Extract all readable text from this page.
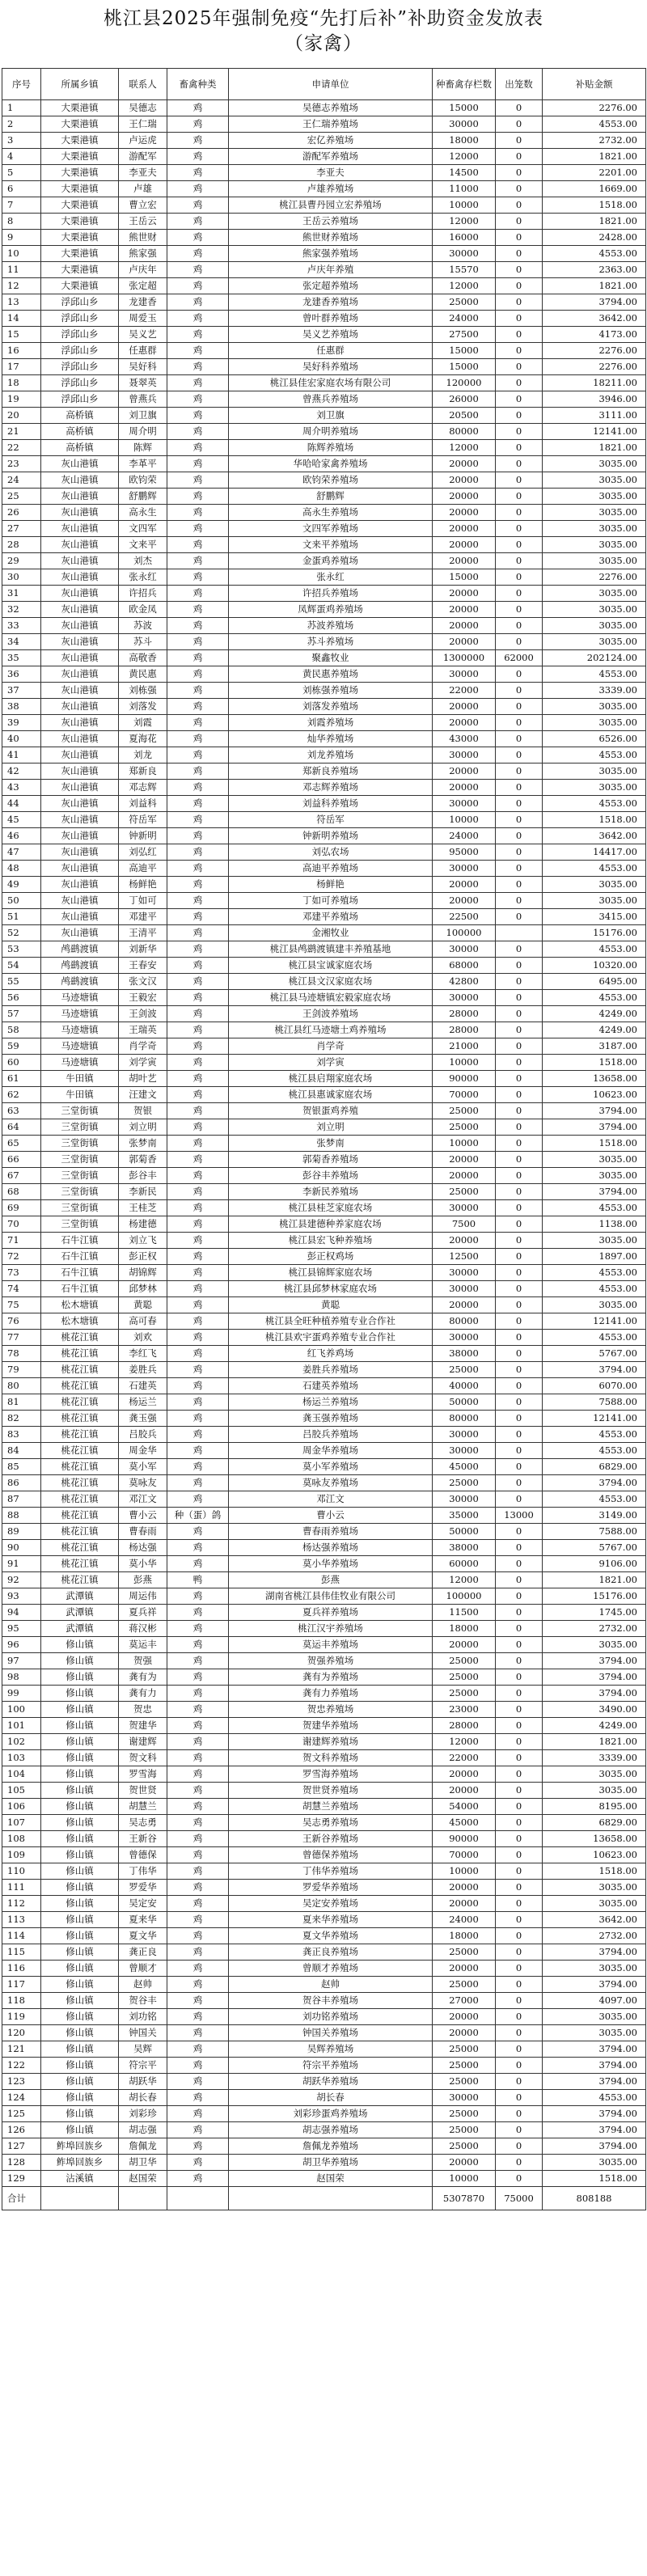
桃江县2025年强制免疫“先打后补”补助资金发放表
（家禽）
序号	所属乡镇	联系人	畜禽种类	申请单位	种畜禽存栏数	出笼数	补贴金额
1	大栗港镇	吴德志	鸡	吴德志养殖场	15000	0	2276.00
2	大栗港镇	王仁瑞	鸡	王仁瑞养殖场	30000	0	4553.00
3	大栗港镇	卢运虎	鸡	宏亿养殖场	18000	0	2732.00
4	大栗港镇	游配军	鸡	游配军养殖场	12000	0	1821.00
5	大栗港镇	李亚夫	鸡	李亚夫	14500	0	2201.00
6	大栗港镇	卢雄	鸡	卢雄养殖场	11000	0	1669.00
7	大栗港镇	曹立宏	鸡	桃江县曹丹园立宏养殖场	10000	0	1518.00
8	大栗港镇	王岳云	鸡	王岳云养殖场	12000	0	1821.00
9	大栗港镇	熊世财	鸡	熊世财养殖场	16000	0	2428.00
10	大栗港镇	熊家强	鸡	熊家强养殖场	30000	0	4553.00
11	大栗港镇	卢庆年	鸡	卢庆年养殖	15570	0	2363.00
12	大栗港镇	张定超	鸡	张定超养殖场	12000	0	1821.00
13	浮邱山乡	龙建香	鸡	龙建香养殖场	25000	0	3794.00
14	浮邱山乡	周爱玉	鸡	曾叶群养殖场	24000	0	3642.00
15	浮邱山乡	吴义艺	鸡	吴义艺养殖场	27500	0	4173.00
16	浮邱山乡	任惠群	鸡	任惠群	15000	0	2276.00
17	浮邱山乡	吴好科	鸡	吴好科养殖场	15000	0	2276.00
18	浮邱山乡	聂翠英	鸡	桃江县佳宏家庭农场有限公司	120000	0	18211.00
19	浮邱山乡	曾燕兵	鸡	曾燕兵养殖场	26000	0	3946.00
20	高桥镇	刘卫旗	鸡	刘卫旗	20500	0	3111.00
21	高桥镇	周介明	鸡	周介明养殖场	80000	0	12141.00
22	高桥镇	陈辉	鸡	陈辉养殖场	12000	0	1821.00
23	灰山港镇	李革平	鸡	华哈哈家禽养殖场	20000	0	3035.00
24	灰山港镇	欧钧荣	鸡	欧钧荣养殖场	20000	0	3035.00
25	灰山港镇	舒鹏辉	鸡	舒鹏辉	20000	0	3035.00
26	灰山港镇	高永生	鸡	高永生养殖场	20000	0	3035.00
27	灰山港镇	文四军	鸡	文四军养殖场	20000	0	3035.00
28	灰山港镇	文来平	鸡	文来平养殖场	20000	0	3035.00
29	灰山港镇	刘杰	鸡	金蛋鸡养殖场	20000	0	3035.00
30	灰山港镇	张永红	鸡	张永红	15000	0	2276.00
31	灰山港镇	许招兵	鸡	许招兵养殖场	20000	0	3035.00
32	灰山港镇	欧金凤	鸡	凤辉蛋鸡养殖场	20000	0	3035.00
33	灰山港镇	苏波	鸡	苏波养殖场	20000	0	3035.00
34	灰山港镇	苏斗	鸡	苏斗养殖场	20000	0	3035.00
35	灰山港镇	高敬香	鸡	聚鑫牧业	1300000	62000	202124.00
36	灰山港镇	黄民惠	鸡	黄民惠养殖场	30000	0	4553.00
37	灰山港镇	刘栋强	鸡	刘栋强养殖场	22000	0	3339.00
38	灰山港镇	刘落发	鸡	刘落发养殖场	20000	0	3035.00
39	灰山港镇	刘霞	鸡	刘霞养殖场	20000	0	3035.00
40	灰山港镇	夏海花	鸡	灿华养殖场	43000	0	6526.00
41	灰山港镇	刘龙	鸡	刘龙养殖场	30000	0	4553.00
42	灰山港镇	郑新良	鸡	郑新良养殖场	20000	0	3035.00
43	灰山港镇	邓志辉	鸡	邓志辉养殖场	20000	0	3035.00
44	灰山港镇	刘益科	鸡	刘益科养殖场	30000	0	4553.00
45	灰山港镇	符岳军	鸡	符岳军	10000	0	1518.00
46	灰山港镇	钟新明	鸡	钟新明养殖场	24000	0	3642.00
47	灰山港镇	刘弘红	鸡	刘弘农场	95000	0	14417.00
48	灰山港镇	高迪平	鸡	高迪平养殖场	30000	0	4553.00
49	灰山港镇	杨鲜艳	鸡	杨鲜艳	20000	0	3035.00
50	灰山港镇	丁如可	鸡	丁如可养殖场	20000	0	3035.00
51	灰山港镇	邓建平	鸡	邓建平养殖场	22500	0	3415.00
52	灰山港镇	王清平	鸡	金湘牧业	100000		15176.00
53	鸬鹚渡镇	刘新华	鸡	桃江县鸬鹚渡镇建丰养殖基地	30000	0	4553.00
54	鸬鹚渡镇	王春安	鸡	桃江县宝诚家庭农场	68000	0	10320.00
55	鸬鹚渡镇	张文汉	鸡	桃江县文汉家庭农场	42800	0	6495.00
56	马迹塘镇	王毅宏	鸡	桃江县马迹塘镇宏毅家庭农场	30000	0	4553.00
57	马迹塘镇	王剑波	鸡	王剑波养殖场	28000	0	4249.00
58	马迹塘镇	王瑞英	鸡	桃江县红马迹塘土鸡养殖场	28000	0	4249.00
59	马迹塘镇	肖学奇	鸡	肖学奇	21000	0	3187.00
60	马迹塘镇	刘学寅	鸡	刘学寅	10000	0	1518.00
61	牛田镇	胡叶艺	鸡	桃江县启翔家庭农场	90000	0	13658.00
62	牛田镇	汪建文	鸡	桃江县惠诚家庭农场	70000	0	10623.00
63	三堂街镇	贺银	鸡	贺银蛋鸡养殖	25000	0	3794.00
64	三堂街镇	刘立明	鸡	刘立明	25000	0	3794.00
65	三堂街镇	张梦南	鸡	张梦南	10000	0	1518.00
66	三堂街镇	郭菊香	鸡	郭菊香养殖场	20000	0	3035.00
67	三堂街镇	彭谷丰	鸡	彭谷丰养殖场	20000	0	3035.00
68	三堂街镇	李新民	鸡	李新民养殖场	25000	0	3794.00
69	三堂街镇	王桂芝	鸡	桃江县桂芝家庭农场	30000	0	4553.00
70	三堂街镇	杨建德	鸡	桃江县建德种养家庭农场	7500	0	1138.00
71	石牛江镇	刘立飞	鸡	桃江县宏飞种养殖场	20000	0	3035.00
72	石牛江镇	彭正权	鸡	彭正权鸡场	12500	0	1897.00
73	石牛江镇	胡锦辉	鸡	桃江县锦辉家庭农场	30000	0	4553.00
74	石牛江镇	邱梦林	鸡	桃江县邱梦林家庭农场	30000	0	4553.00
75	松木塘镇	黄聪	鸡	黄聪	20000	0	3035.00
76	松木塘镇	高可春	鸡	桃江县全旺种植养殖专业合作社	80000	0	12141.00
77	桃花江镇	刘欢	鸡	桃江县欢宇蛋鸡养殖专业合作社	30000	0	4553.00
78	桃花江镇	李红飞	鸡	红飞养鸡场	38000	0	5767.00
79	桃花江镇	姜胜兵	鸡	姜胜兵养殖场	25000	0	3794.00
80	桃花江镇	石建英	鸡	石建英养殖场	40000	0	6070.00
81	桃花江镇	杨运兰	鸡	杨运兰养殖场	50000	0	7588.00
82	桃花江镇	龚玉强	鸡	龚玉强养殖场	80000	0	12141.00
83	桃花江镇	吕胶兵	鸡	吕胶兵养殖场	30000	0	4553.00
84	桃花江镇	周金华	鸡	周金华养殖场	30000	0	4553.00
85	桃花江镇	莫小军	鸡	莫小军养殖场	45000	0	6829.00
86	桃花江镇	莫咏友	鸡	莫咏友养殖场	25000	0	3794.00
87	桃花江镇	邓江文	鸡	邓江文	30000	0	4553.00
88	桃花江镇	曹小云	种（蛋）鸽	曹小云	35000	13000	3149.00
89	桃花江镇	曹春雨	鸡	曹春雨养殖场	50000	0	7588.00
90	桃花江镇	杨达强	鸡	杨达强养殖场	38000	0	5767.00
91	桃花江镇	莫小华	鸡	莫小华养殖场	60000	0	9106.00
92	桃花江镇	彭燕	鸭	彭燕	12000	0	1821.00
93	武潭镇	周运伟	鸡	湖南省桃江县伟佳牧业有限公司	100000	0	15176.00
94	武潭镇	夏兵祥	鸡	夏兵祥养殖场	11500	0	1745.00
95	武潭镇	蒋汉彬	鸡	桃江汉宇养殖场	18000	0	2732.00
96	修山镇	莫运丰	鸡	莫运丰养殖场	20000	0	3035.00
97	修山镇	贺强	鸡	贺强养殖场	25000	0	3794.00
98	修山镇	龚有为	鸡	龚有为养殖场	25000	0	3794.00
99	修山镇	龚有力	鸡	龚有力养殖场	25000	0	3794.00
100	修山镇	贺忠	鸡	贺忠养殖场	23000	0	3490.00
101	修山镇	贺建华	鸡	贺建华养殖场	28000	0	4249.00
102	修山镇	谢建辉	鸡	谢建辉养殖场	12000	0	1821.00
103	修山镇	贺文科	鸡	贺文科养殖场	22000	0	3339.00
104	修山镇	罗雪海	鸡	罗雪海养殖场	20000	0	3035.00
105	修山镇	贺世贤	鸡	贺世贤养殖场	20000	0	3035.00
106	修山镇	胡慧兰	鸡	胡慧兰养殖场	54000	0	8195.00
107	修山镇	吴志勇	鸡	吴志勇养殖场	45000	0	6829.00
108	修山镇	王新谷	鸡	王新谷养殖场	90000	0	13658.00
109	修山镇	曾德保	鸡	曾德保养殖场	70000	0	10623.00
110	修山镇	丁伟华	鸡	丁伟华养殖场	10000	0	1518.00
111	修山镇	罗爱华	鸡	罗爱华养殖场	20000	0	3035.00
112	修山镇	吴定安	鸡	吴定安养殖场	20000	0	3035.00
113	修山镇	夏来华	鸡	夏来华养殖场	24000	0	3642.00
114	修山镇	夏文华	鸡	夏文华养殖场	18000	0	2732.00
115	修山镇	龚正良	鸡	龚正良养殖场	25000	0	3794.00
116	修山镇	曾顺才	鸡	曾顺才养殖场	20000	0	3035.00
117	修山镇	赵帅	鸡	赵帅	25000	0	3794.00
118	修山镇	贺谷丰	鸡	贺谷丰养殖场	27000	0	4097.00
119	修山镇	刘功铭	鸡	刘功铭养殖场	20000	0	3035.00
120	修山镇	钟国关	鸡	钟国关养殖场	20000	0	3035.00
121	修山镇	吴辉	鸡	吴辉养殖场	25000	0	3794.00
122	修山镇	符宗平	鸡	符宗平养殖场	25000	0	3794.00
123	修山镇	胡跃华	鸡	胡跃华养殖场	25000	0	3794.00
124	修山镇	胡长春	鸡	胡长春	30000	0	4553.00
125	修山镇	刘彩珍	鸡	刘彩珍蛋鸡养殖场	25000	0	3794.00
126	修山镇	胡志强	鸡	胡志强养殖场	25000	0	3794.00
127	鲊埠回族乡	詹佩龙	鸡	詹佩龙养殖场	25000	0	3794.00
128	鲊埠回族乡	胡卫华	鸡	胡卫华养殖场	20000	0	3035.00
129	沾溪镇	赵国荣	鸡	赵国荣	10000	0	1518.00
合计					5307870	75000	808188
